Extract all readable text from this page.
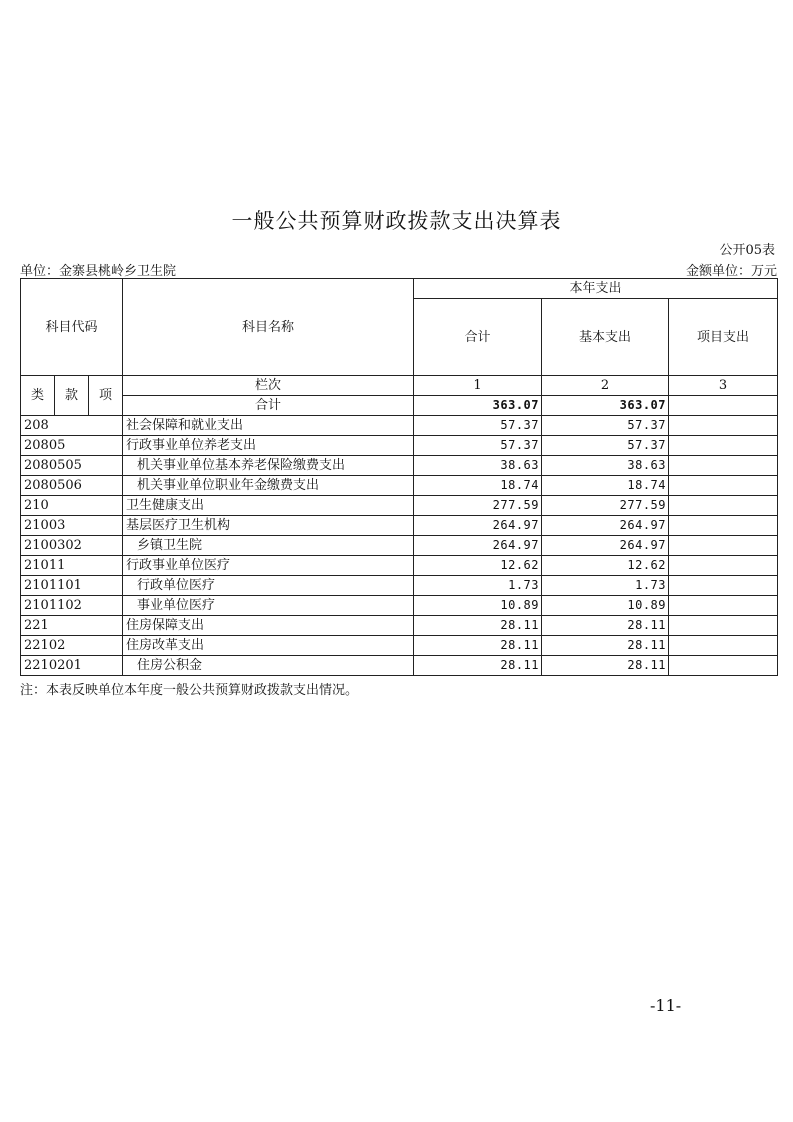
一般公共预算财政拨款支出决算表
公开05表
单位：金寨县桃岭乡卫生院	金额单位：万元
科目代码			科目名称	本年支出		
				合计	基本支出	项目支出
类	款	项	栏次	1	2	3
			合计	363.07	363.07	
208			社会保障和就业支出	57.37	57.37	
20805			行政事业单位养老支出	57.37	57.37	
2080505			机关事业单位基本养老保险缴费支出	38.63	38.63	
2080506			机关事业单位职业年金缴费支出	18.74	18.74	
210			卫生健康支出	277.59	277.59	
21003			基层医疗卫生机构	264.97	264.97	
2100302			乡镇卫生院	264.97	264.97	
21011			行政事业单位医疗	12.62	12.62	
2101101			行政单位医疗	1.73	1.73	
2101102			事业单位医疗	10.89	10.89	
221			住房保障支出	28.11	28.11	
22102			住房改革支出	28.11	28.11	
2210201			住房公积金	28.11	28.11	
注：本表反映单位本年度一般公共预算财政拨款支出情况。
-11-
